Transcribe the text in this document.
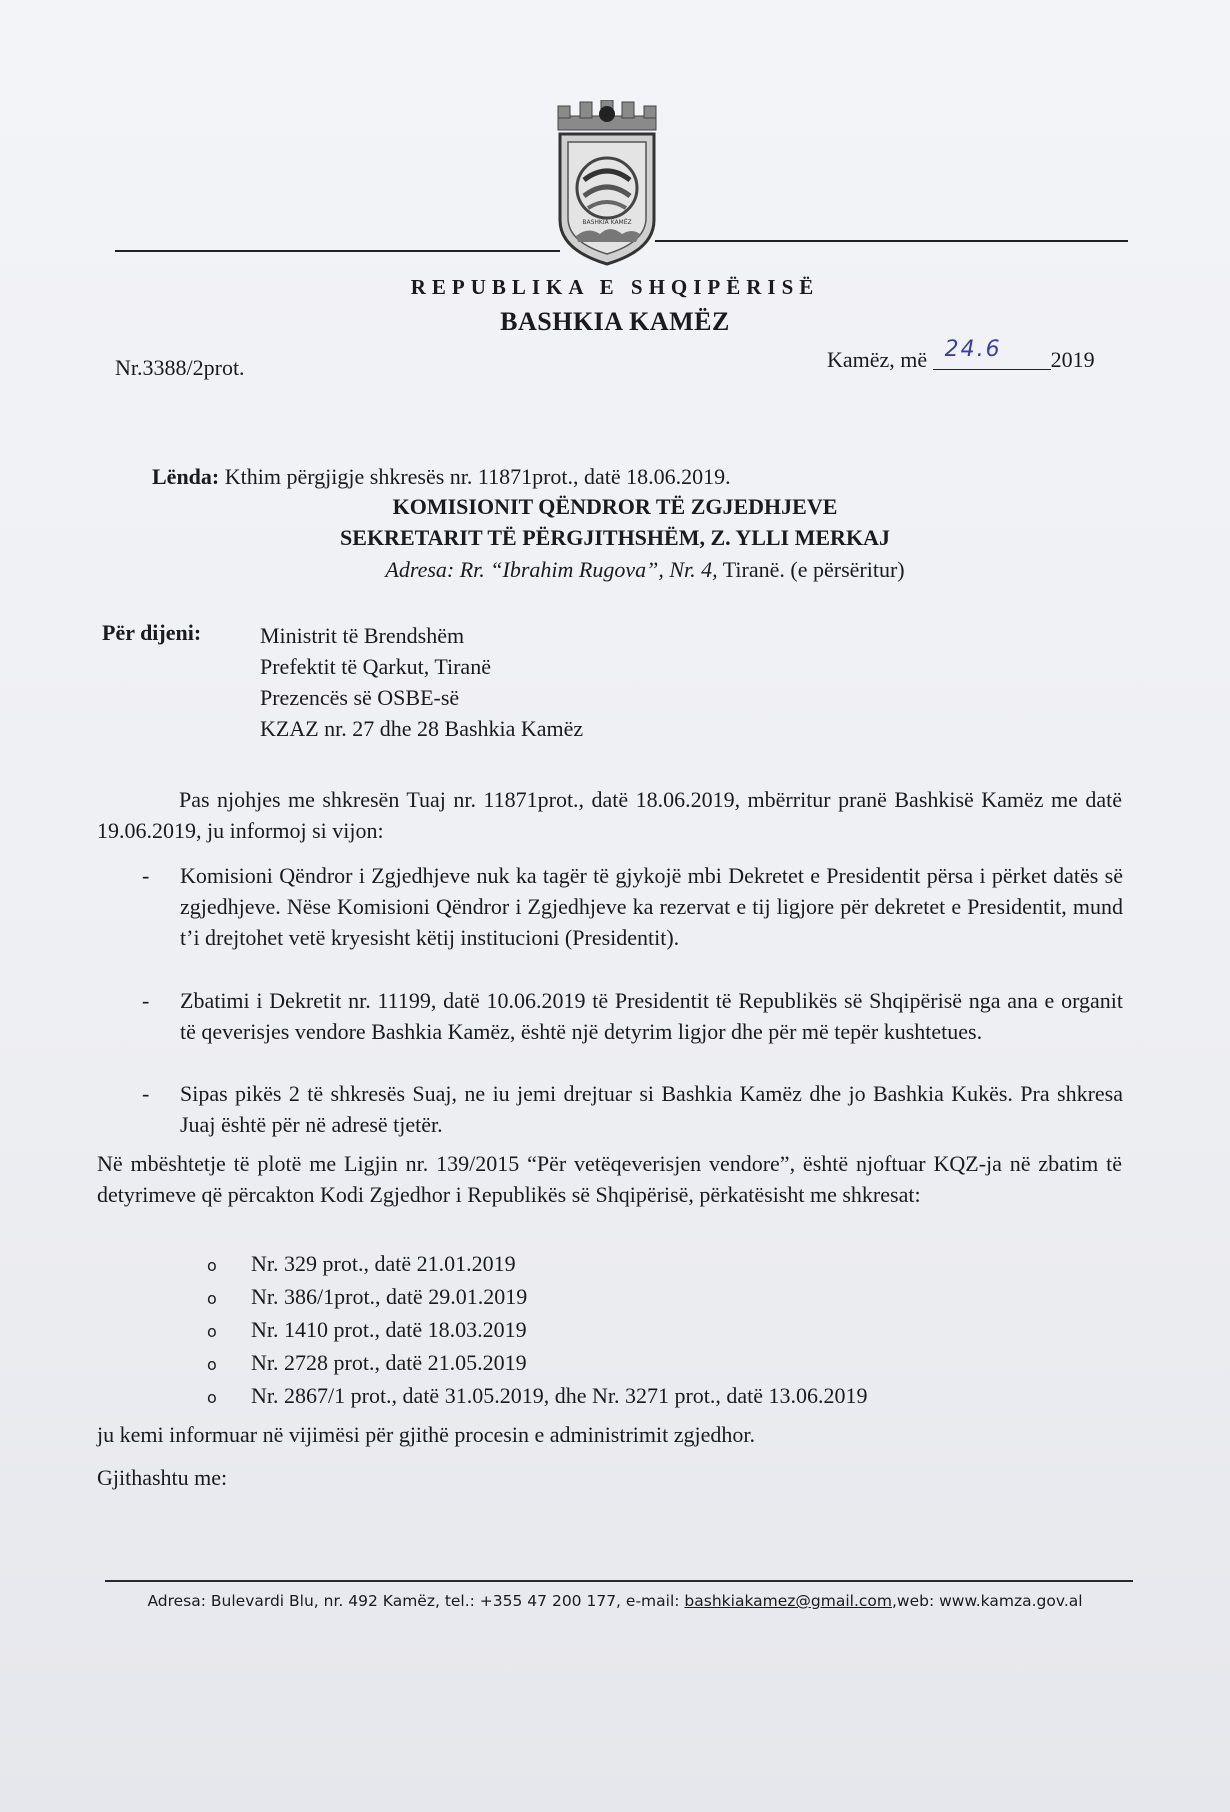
BASHKIA KAMËZ
REPUBLIKA E SHQIPËRISË
BASHKIA KAMËZ
Nr.3388/2prot.	Kamëz, më 24.6 2019
Lënda: Kthim përgjigje shkresës nr. 11871prot., datë 18.06.2019.
KOMISIONIT QËNDROR TË ZGJEDHJEVE
SEKRETARIT TË PËRGJITHSHËM, Z. YLLI MERKAJ
Adresa: Rr. “Ibrahim Rugova”, Nr. 4, Tiranë. (e përsëritur)
Për dijeni:	Ministrit të Brendshëm
Prefektit të Qarkut, Tiranë
Prezencës së OSBE-së
KZAZ nr. 27 dhe 28 Bashkia Kamëz
Pas njohjes me shkresën Tuaj nr. 11871prot., datë 18.06.2019, mbërritur pranë Bashkisë Kamëz me datë 19.06.2019, ju informoj si vijon:
-	Komisioni Qëndror i Zgjedhjeve nuk ka tagër të gjykojë mbi Dekretet e Presidentit përsa i përket datës së zgjedhjeve. Nëse Komisioni Qëndror i Zgjedhjeve ka rezervat e tij ligjore për dekretet e Presidentit, mund t’i drejtohet vetë kryesisht këtij institucioni (Presidentit).
-	Zbatimi i Dekretit nr. 11199, datë 10.06.2019 të Presidentit të Republikës së Shqipërisë nga ana e organit të qeverisjes vendore Bashkia Kamëz, është një detyrim ligjor dhe për më tepër kushtetues.
-	Sipas pikës 2 të shkresës Suaj, ne iu jemi drejtuar si Bashkia Kamëz dhe jo Bashkia Kukës. Pra shkresa Juaj është për në adresë tjetër.
Në mbështetje të plotë me Ligjin nr. 139/2015 “Për vetëqeverisjen vendore”, është njoftuar KQZ-ja në zbatim të detyrimeve që përcakton Kodi Zgjedhor i Republikës së Shqipërisë, përkatësisht me shkresat:
o Nr. 329 prot., datë 21.01.2019
o Nr. 386/1prot., datë 29.01.2019
o Nr. 1410 prot., datë 18.03.2019
o Nr. 2728 prot., datë 21.05.2019
o Nr. 2867/1 prot., datë 31.05.2019, dhe Nr. 3271 prot., datë 13.06.2019
ju kemi informuar në vijimësi për gjithë procesin e administrimit zgjedhor.
Gjithashtu me:
Adresa: Bulevardi Blu, nr. 492 Kamëz, tel.: +355 47 200 177, e-mail: bashkiakamez@gmail.com,web: www.kamza.gov.al
